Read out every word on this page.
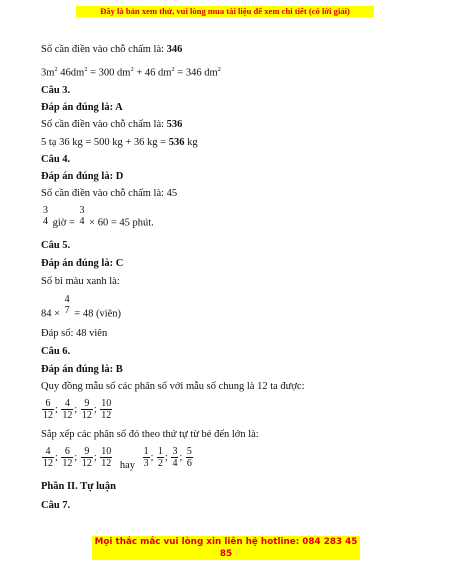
Đây là bản xem thử, vui lòng mua tài liệu để xem chi tiết (có lời giải)
Số cần điền vào chỗ chấm là: 346
$3m^2$ $46dm^2 = 300$ $dm^2 + 46$ $dm^2 = 346$ $dm^2$
Câu 3.
Đáp án đúng là: A
Số cần điền vào chỗ chấm là: 536
5 tạ 36 kg = 500 kg + 36 kg = 536 kg
Câu 4.
Đáp án đúng là: D
Số cần điền vào chỗ chấm là: 45
3
4 giờ =
3
4 × 60 = 45 phút.
Câu 5.
Đáp án đúng là: C
Số bi màu xanh là:
84 ×
4
7 = 48 (viên)
Đáp số: 48 viên
Câu 6.
Đáp án đúng là: B
Quy đồng mẫu số các phân số với mẫu số chung là 12 ta được:
$\frac{6}{12}$ ; $\frac{4}{12}$ ; $\frac{9}{12}$ ; $\frac{10}{12}$
Sắp xếp các phân số đó theo thứ tự từ bé đến lớn là:
$\frac{4}{12}$ ; $\frac{6}{12}$ ; $\frac{9}{12}$ ; $\frac{10}{12}$ hay $\frac{1}{3}$ ; $\frac{1}{2}$ ; $\frac{3}{4}$ ; $\frac{5}{6}$
Phần II. Tự luận
Câu 7.
Mọi thắc mắc vui lòng xin liên hệ hotline: 084 283 45 85
